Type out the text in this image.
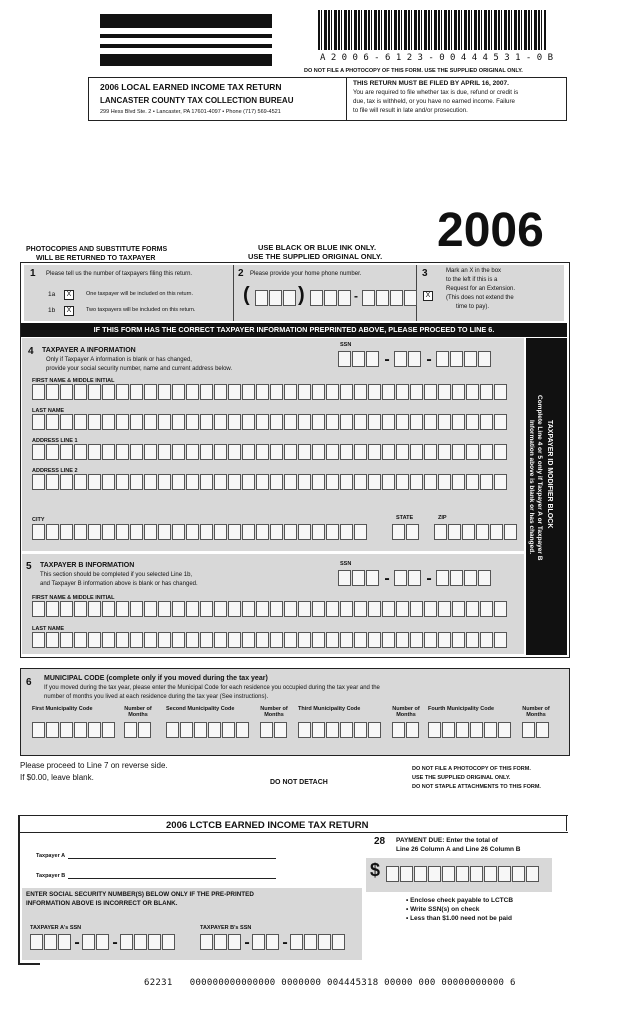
A 2 0 0 6 - 6 1 2 3 - 0 0 4 4 4 5 3 1 - 0 B
DO NOT FILE A PHOTOCOPY OF THIS FORM. USE THE SUPPLIED ORIGINAL ONLY.
2006 LOCAL EARNED INCOME TAX RETURN
LANCASTER COUNTY TAX COLLECTION BUREAU
299 Hess Blvd Ste. 2 • Lancaster, PA 17601-4097 • Phone (717) 569-4521
THIS RETURN MUST BE FILED BY APRIL 16, 2007.
You are required to file whether tax is due, refund or credit is
due, tax is withheld, or you have no earned income. Failure
to file will result in late and/or prosecution.
2006
PHOTOCOPIES AND SUBSTITUTE FORMS
WILL BE RETURNED TO TAXPAYER
USE BLACK OR BLUE INK ONLY.
USE THE SUPPLIED ORIGINAL ONLY.
1 Please tell us the number of taxpayers filing this return.
1a	X	One taxpayer will be included on this return.
1b	X	Two taxpayers will be included on this return.
2 Please provide your home phone number.
( )	-
3
X
Mark an X in the box
to the left if this is a
Request for an Extension.
(This does not extend the
time to pay).
IF THIS FORM HAS THE CORRECT TAXPAYER INFORMATION PREPRINTED ABOVE, PLEASE PROCEED TO LINE 6.
TAXPAYER ID MODIFIER BLOCK
Complete Line 4 or 5 only if Taxpayer A or Taxpayer B
Information above is blank or has changed.
4 TAXPAYER A INFORMATION
Only if Taxpayer A information is blank or has changed,
provide your social security number, name and current address below.
SSN
- -
FIRST NAME & MIDDLE INITIAL
LAST NAME
ADDRESS LINE 1
ADDRESS LINE 2
CITY	STATE	ZIP
5 TAXPAYER B INFORMATION
This section should be completed if you selected Line 1b,
and Taxpayer B information above is blank or has changed.
SSN
- -
FIRST NAME & MIDDLE INITIAL
LAST NAME
6 MUNICIPAL CODE (complete only if you moved during the tax year)
If you moved during the tax year, please enter the Municipal Code for each residence you occupied during the tax year and the
number of months you lived at each residence during the tax year (See instructions).
First Municipality Code	Number of Months
Second Municipality Code	Number of Months
Third Municipality Code	Number of Months
Fourth Municipality Code	Number of Months
Please proceed to Line 7 on reverse side.
If $0.00, leave blank.
DO NOT DETACH
DO NOT FILE A PHOTOCOPY OF THIS FORM.
USE THE SUPPLIED ORIGINAL ONLY.
DO NOT STAPLE ATTACHMENTS TO THIS FORM.
2006 LCTCB EARNED INCOME TAX RETURN
Taxpayer A
Taxpayer B
ENTER SOCIAL SECURITY NUMBER(S) BELOW ONLY IF THE PRE-PRINTED
INFORMATION ABOVE IS INCORRECT OR BLANK.
TAXPAYER A's SSN
- -
TAXPAYER B's SSN
- -
28 PAYMENT DUE: Enter the total of
Line 26 Column A and Line 26 Column B
$
• Enclose check payable to LCTCB
• Write SSN(s) on check
• Less than $1.00 need not be paid
62231   000000000000000 0000000 004445318 00000 000 00000000000 6
